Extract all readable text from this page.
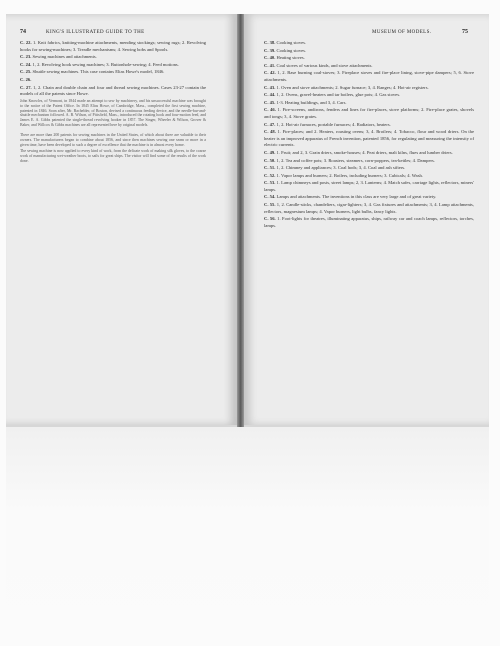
74	KING'S ILLUSTRATED GUIDE TO THE

C. 22. 1. Knit fabrics, knitting-machine attachments, mending stockings; sewing rugs; 2. Revolving hooks for sewing-machines; 3. Treadle mechanisms; 4. Sewing bobs and Spools.

C. 23. Sewing machines and attachments.

C. 24. 1, 2. Revolving hook sewing machines; 3. Buttonhole-sewing; 4. Feed motions.

C. 25. Shuttle sewing machines. This case contains Elias Howe's model, 1846.

C. 26.

C. 27. 1, 2. Chain and double chain and four and thread sewing machines. Cases 23-27 contain the models of all the patents since Howe.

John Knowles, of Vermont, in 1844 made an attempt to sew by machinery, and his unsuccessful machine was brought to the notice of the Patent Office. In 1845 Elias Howe, of Cambridge, Mass., completed the first sewing machine, patented in 1846. Soon after, Mr. Bachelder, of Boston, devised a continuous feeding device, and the needle-bar-and-shuttle mechanism followed. A. B. Wilson, of Pittsfield, Mass., introduced the rotating hook and four-motion feed, and James E. A. Gibbs patented the single-thread revolving hooker in 1857. The Singer, Wheeler & Wilson, Grover & Baker, and Willcox & Gibbs machines are all represented here by original models.

There are more than 200 patents for sewing machines in the United States, of which about three are valuable to their owners. The manufacturers began to combine about 1856, and since then machines sewing one seam or more in a given time, have been developed to such a degree of excellence that the machine is in almost every home.

The sewing machine is now applied to every kind of work, from the delicate work of making silk gloves, to the coarse work of manufacturing wet-weather boots, to sails for great ships. The visitor will find some of the results of the work done.

MUSEUM OF MODELS.	75

C. 38. Cooking stoves.

C. 39. Cooking stoves.

C. 40. Heating stoves.

C. 41. Coal stoves of various kinds, and stove attachments.

C. 42. 1, 2. Base burning coal-stoves; 3. Fireplace stoves and fire-place lining, stove-pipe dampers; 5, 6. Stove attachments.

C. 43. 1. Oven and stove attachments; 2. Sugar furnace; 3, 4. Ranges; 4. Hot-air registers.

C. 44. 1, 2. Ovens, gravel-heaters and tar boilers, glue pots; 4. Gas stoves.

C. 45. 1-3. Heating buildings, and 3, 4. Cars.

C. 46. 1. Fire-screens, andirons, fenders and lines for fire-places, stove platforms; 2. Fire-place grates, shovels and tongs; 3, 4. Stove grates.

C. 47. 1, 2. Hot-air furnaces, portable furnaces; 4. Radiators, heaters.

C. 48. 1. Fire-places; and 2. Heaters, roasting ovens; 3, 4. Broilers; 4. Tobacco, flour and wood driers. On the heater is an improved apparatus of French invention, patented 1856, for regulating and measuring the intensity of electric currents.

C. 49. 1. Fruit; and 2, 3. Grain driers, smoke-houses; 4. Peat driers, malt kilns, flues and lumber driers.

C. 50. 1, 2. Tea and coffee pots; 3. Roasters, steamers, corn-poppers, tea-kettles; 4. Dampers.

C. 51. 1, 2. Chimney and appliances; 3. Coal hods; 3, 4. Coal and ash sifters.

C. 52. 1. Vapor lamps and burners; 2. Boilers, including burners; 3. Cubicals; 4. Wash.

C. 53. 1. Lamp chimneys and posts, street lamps; 2, 3. Lanterns; 4. Match safes, carriage lights, reflectors, miners' lamps.

C. 54. Lamps and attachments. The inventions in this class are very large and of great variety.

C. 55. 1, 2. Candle-sticks, chandeliers, cigar-lighters; 3, 4. Gas fixtures and attachments; 3, 4. Lamp attachments, reflectors, magnesium lamps; 4. Vapor burners, light bulbs, fancy lights.

C. 56. 1. Foot-lights for theatres, illuminating apparatus, ships, railway car and coach lamps, reflectors, torches, lamps.
